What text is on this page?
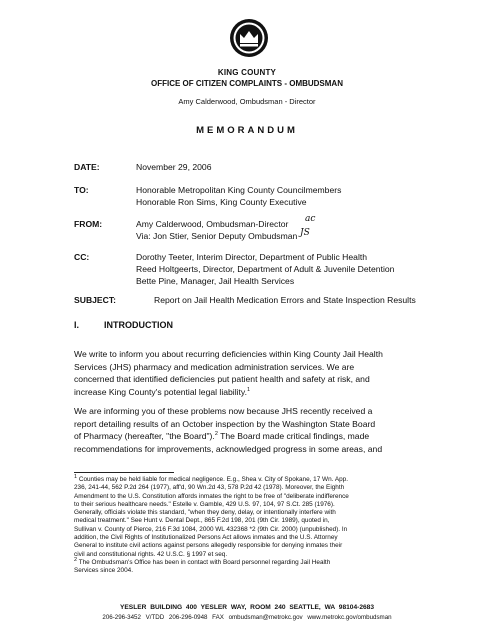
KING COUNTY
OFFICE OF CITIZEN COMPLAINTS - OMBUDSMAN
Amy Calderwood, Ombudsman - Director
MEMORANDUM
DATE:	November 29, 2006
TO:	Honorable Metropolitan King County Councilmembers
Honorable Ron Sims, King County Executive
FROM:	Amy Calderwood, Ombudsman-Director
Via: Jon Stier, Senior Deputy Ombudsman
ac
JS
CC:	Dorothy Teeter, Interim Director, Department of Public Health
Reed Holtgeerts, Director, Department of Adult & Juvenile Detention
Bette Pine, Manager, Jail Health Services
SUBJECT:	Report on Jail Health Medication Errors and State Inspection Results
I.	INTRODUCTION
We write to inform you about recurring deficiencies within King County Jail Health
Services (JHS) pharmacy and medication administration services. We are
concerned that identified deficiencies put patient health and safety at risk, and
increase King County's potential legal liability.$^1$
We are informing you of these problems now because JHS recently received a
report detailing results of an October inspection by the Washington State Board
of Pharmacy (hereafter, "the Board").$^2$ The Board made critical findings, made
recommendations for improvements, acknowledged progress in some areas, and
$^1$ Counties may be held liable for medical negligence. E.g., Shea v. City of Spokane, 17 Wn. App.
236, 241-44, 562 P.2d 264 (1977), aff'd, 90 Wn.2d 43, 578 P.2d 42 (1978). Moreover, the Eighth
Amendment to the U.S. Constitution affords inmates the right to be free of "deliberate indifference
to their serious healthcare needs." Estelle v. Gamble, 429 U.S. 97, 104, 97 S.Ct. 285 (1976).
Generally, officials violate this standard, "when they deny, delay, or intentionally interfere with
medical treatment." See Hunt v. Dental Dept., 865 F.2d 198, 201 (9th Cir. 1989), quoted in,
Sullivan v. County of Pierce, 216 F.3d 1084, 2000 WL 432368 *2 (9th Cir. 2000) (unpublished). In
addition, the Civil Rights of Institutionalized Persons Act allows inmates and the U.S. Attorney
General to institute civil actions against persons allegedly responsible for denying inmates their
civil and constitutional rights. 42 U.S.C. § 1997 et seq.
$^2$ The Ombudsman's Office has been in contact with Board personnel regarding Jail Health
Services since 2004.
YESLER BUILDING 400 YESLER WAY, ROOM 240 SEATTLE, WA 98104-2683
206-296-3452 V/TDD 206-296-0948 FAX ombudsman@metrokc.gov www.metrokc.gov/ombudsman
